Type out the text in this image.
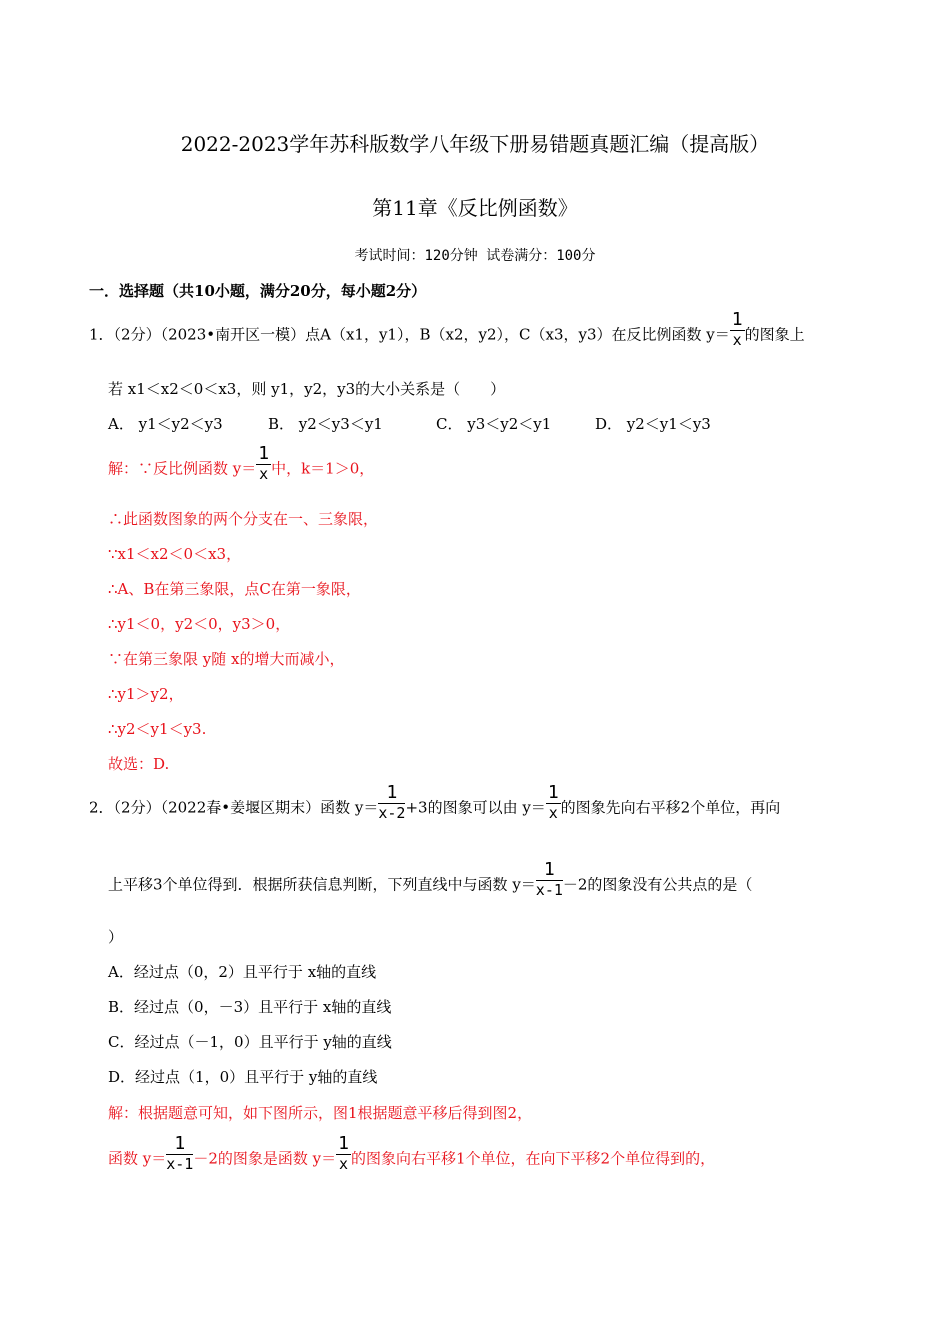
2022-2023学年苏科版数学八年级下册易错题真题汇编（提高版）
第11章《反比例函数》
考试时间：120分钟 试卷满分：100分
一．选择题（共10小题，满分20分，每小题2分）
1．（2分）（2023•南开区一模）点A（x1，y1），B（x2，y2），C（x3，y3）在反比例函数 $y= \frac{1}{x}$ 的图象上
若 x1＜x2＜0＜x3，则 y1，y2，y3的大小关系是（　　）
A． y1＜y2＜y3	B． y2＜y3＜y1	C． y3＜y2＜y1	D． y2＜y1＜y3
解：∵反比例函数 $y= \frac{1}{x}$ 中，k＝1＞0，
∴此函数图象的两个分支在一、三象限，
∵x1＜x2＜0＜x3，
∴A、B在第三象限，点C在第一象限，
∴y1＜0，y2＜0，y3＞0，
∵在第三象限 y随 x的增大而减小，
∴y1＞y2，
∴y2＜y1＜y3.
故选：D.
2．（2分）（2022春•姜堰区期末）函数 $y= \frac{1}{x-2} +3$的图象可以由 $y= \frac{1}{x}$ 的图象先向右平移2个单位，再向
上平移3个单位得到．根据所获信息判断，下列直线中与函数 $y= \frac{1}{x-1} -2$的图象没有公共点的是（
）
A．经过点（0，2）且平行于 x轴的直线
B．经过点（0，－3）且平行于 x轴的直线
C．经过点（－1，0）且平行于 y轴的直线
D．经过点（1，0）且平行于 y轴的直线
解：根据题意可知，如下图所示，图1根据题意平移后得到图2，
函数 $y= \frac{1}{x-1} -2$的图象是函数 $y= \frac{1}{x}$ 的图象向右平移1个单位，在向下平移2个单位得到的，
